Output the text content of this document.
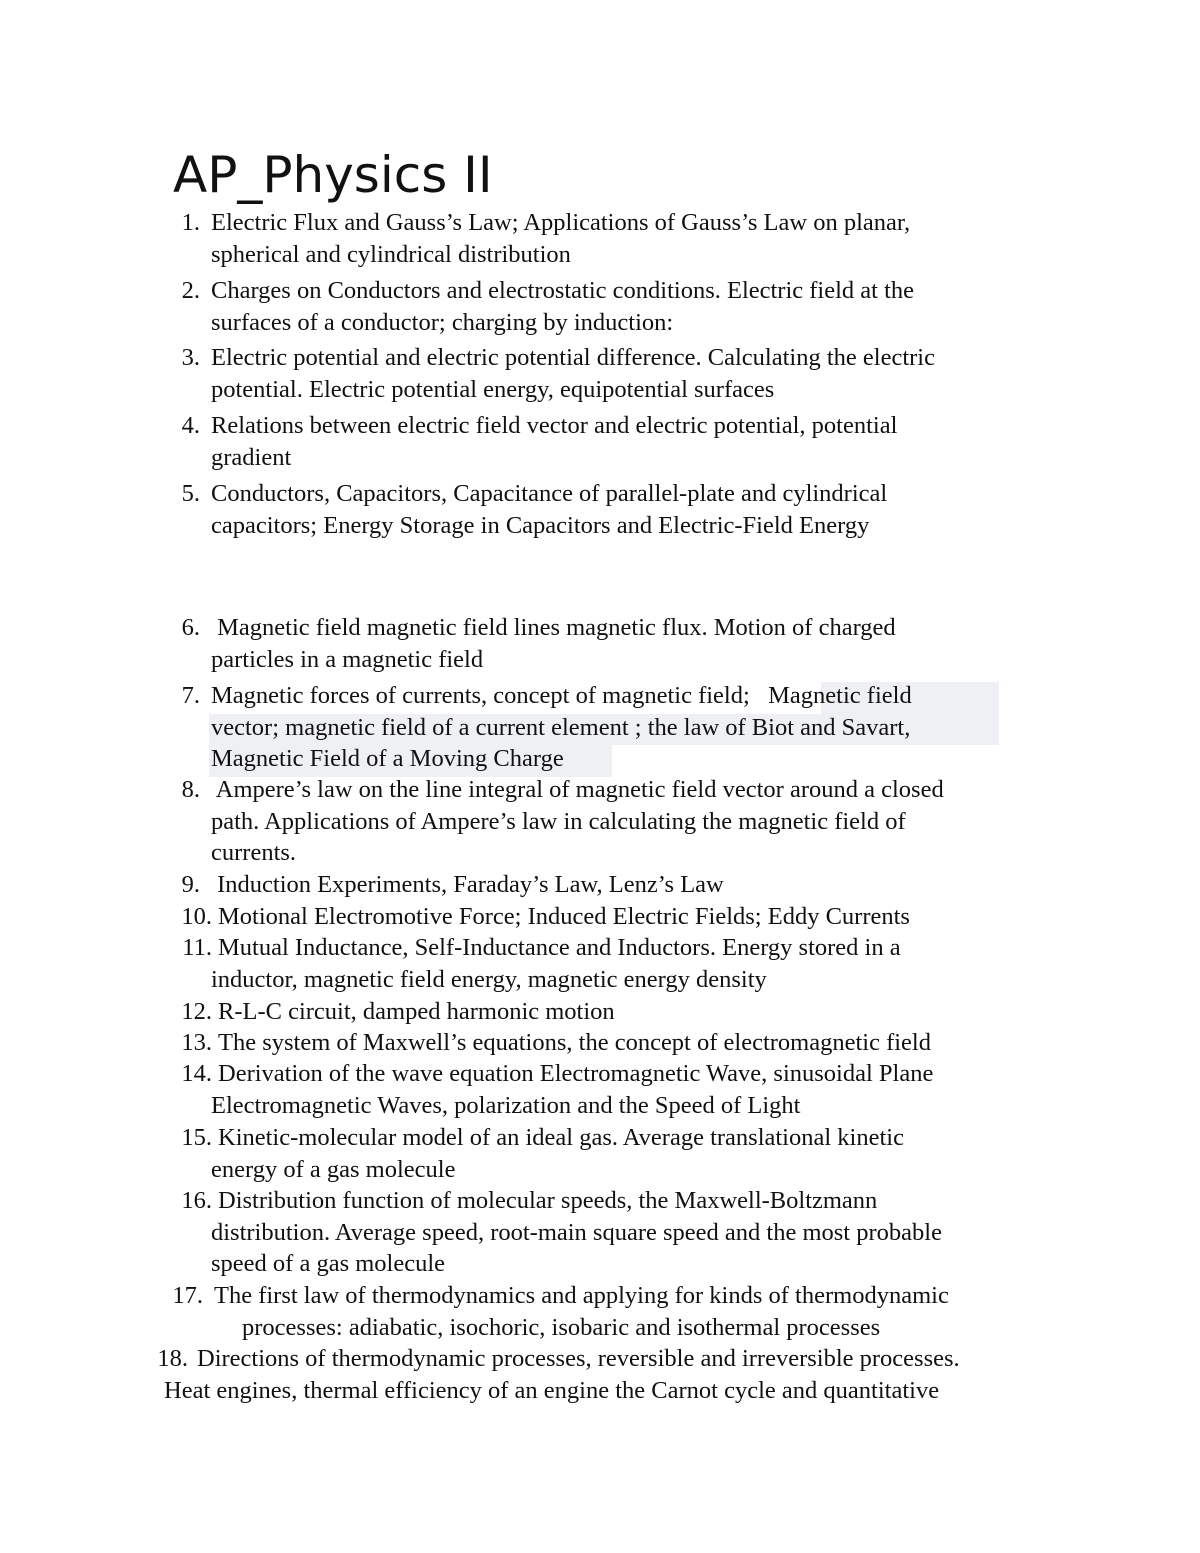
AP_Physics II
1. Electric Flux and Gauss’s Law; Applications of Gauss’s Law on planar,
spherical and cylindrical distribution
2. Charges on Conductors and electrostatic conditions. Electric field at the
surfaces of a conductor; charging by induction:
3. Electric potential and electric potential difference. Calculating the electric
potential. Electric potential energy, equipotential surfaces
4. Relations between electric field vector and electric potential, potential
gradient
5. Conductors, Capacitors, Capacitance of parallel-plate and cylindrical
capacitors; Energy Storage in Capacitors and Electric-Field Energy
6. Magnetic field magnetic field lines magnetic flux. Motion of charged
particles in a magnetic field
7. Magnetic forces of currents, concept of magnetic field;   Magnetic field
vector; magnetic field of a current element ; the law of Biot and Savart,
Magnetic Field of a Moving Charge
8. Ampere’s law on the line integral of magnetic field vector around a closed
path. Applications of Ampere’s law in calculating the magnetic field of
currents.
9. Induction Experiments, Faraday’s Law, Lenz’s Law
10. Motional Electromotive Force; Induced Electric Fields; Eddy Currents
11. Mutual Inductance, Self-Inductance and Inductors. Energy stored in a
inductor, magnetic field energy, magnetic energy density
12. R-L-C circuit, damped harmonic motion
13. The system of Maxwell’s equations, the concept of electromagnetic field
14. Derivation of the wave equation Electromagnetic Wave, sinusoidal Plane
Electromagnetic Waves, polarization and the Speed of Light
15. Kinetic-molecular model of an ideal gas. Average translational kinetic
energy of a gas molecule
16. Distribution function of molecular speeds, the Maxwell-Boltzmann
distribution. Average speed, root-main square speed and the most probable
speed of a gas molecule
17. The first law of thermodynamics and applying for kinds of thermodynamic
processes: adiabatic, isochoric, isobaric and isothermal processes
18. Directions of thermodynamic processes, reversible and irreversible processes.
Heat engines, thermal efficiency of an engine the Carnot cycle and quantitative
